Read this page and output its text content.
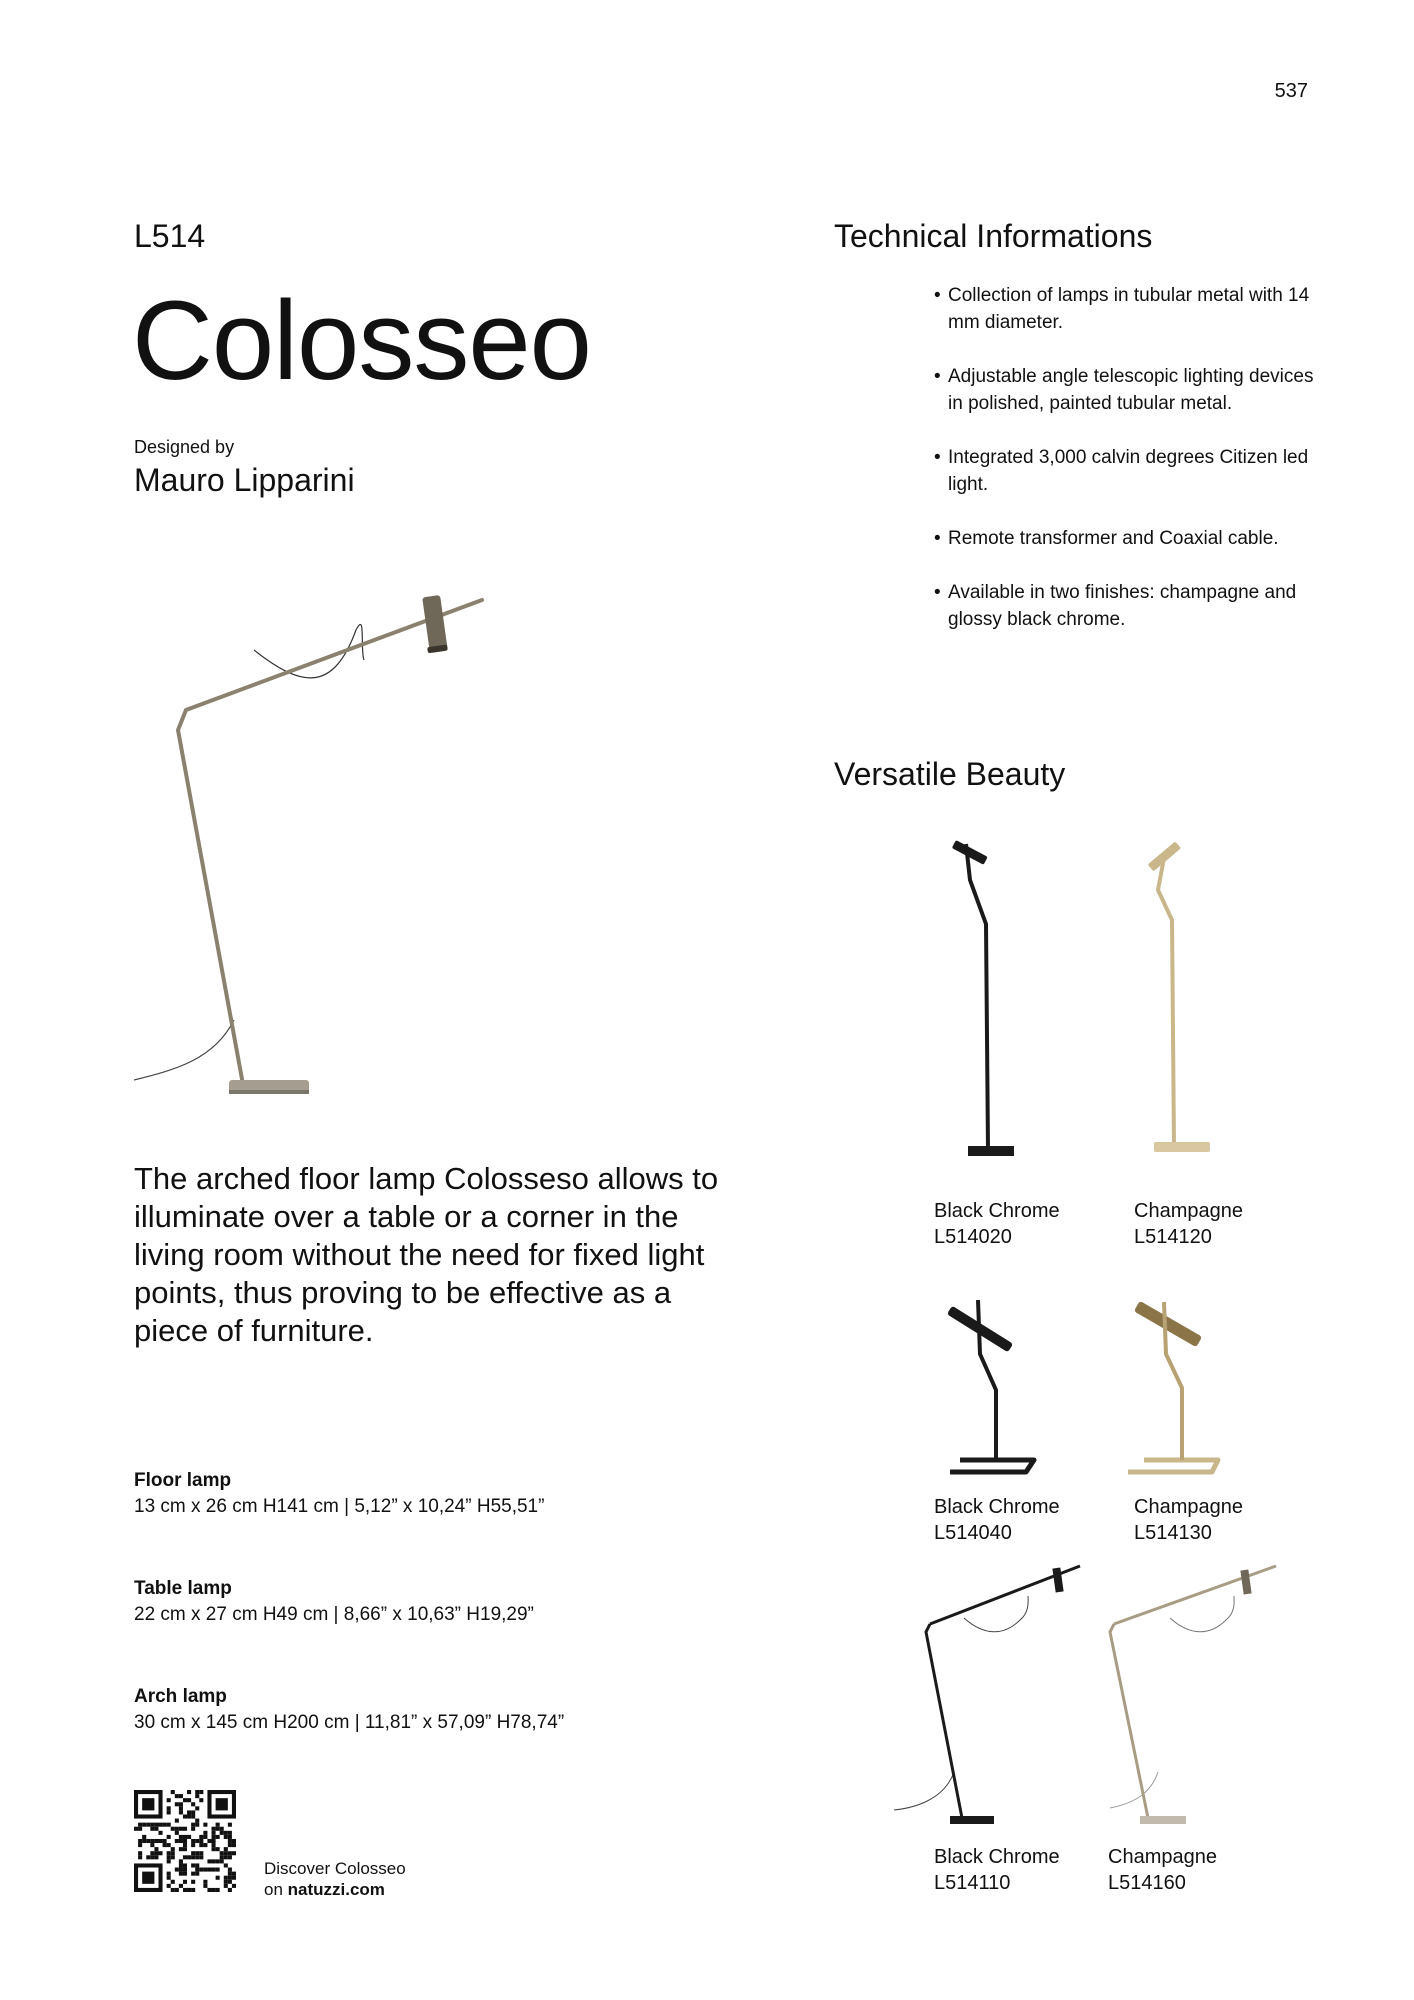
537
L514
Colosseo
Designed by
Mauro Lipparini
The arched floor lamp Colosseso allows to illuminate over a table or a corner in the living room without the need for fixed light points, thus proving to be effective as a piece of furniture.
Floor lamp
13 cm x 26 cm H141 cm | 5,12” x 10,24” H55,51”
Table lamp
22 cm x 27 cm H49 cm | 8,66” x 10,63” H19,29”
Arch lamp
30 cm x 145 cm H200 cm | 11,81” x 57,09” H78,74”
Discover Colosseo
on natuzzi.com
Technical Informations
• Collection of lamps in tubular metal with 14 mm diameter.
• Adjustable angle telescopic lighting devices in polished, painted tubular metal.
• Integrated 3,000 calvin degrees Citizen led light.
• Remote transformer and Coaxial cable.
• Available in two finishes: champagne and glossy black chrome.
Versatile Beauty
Black Chrome
L514020
Champagne
L514120
Black Chrome
L514040
Champagne
L514130
Black Chrome
L514110
Champagne
L514160
